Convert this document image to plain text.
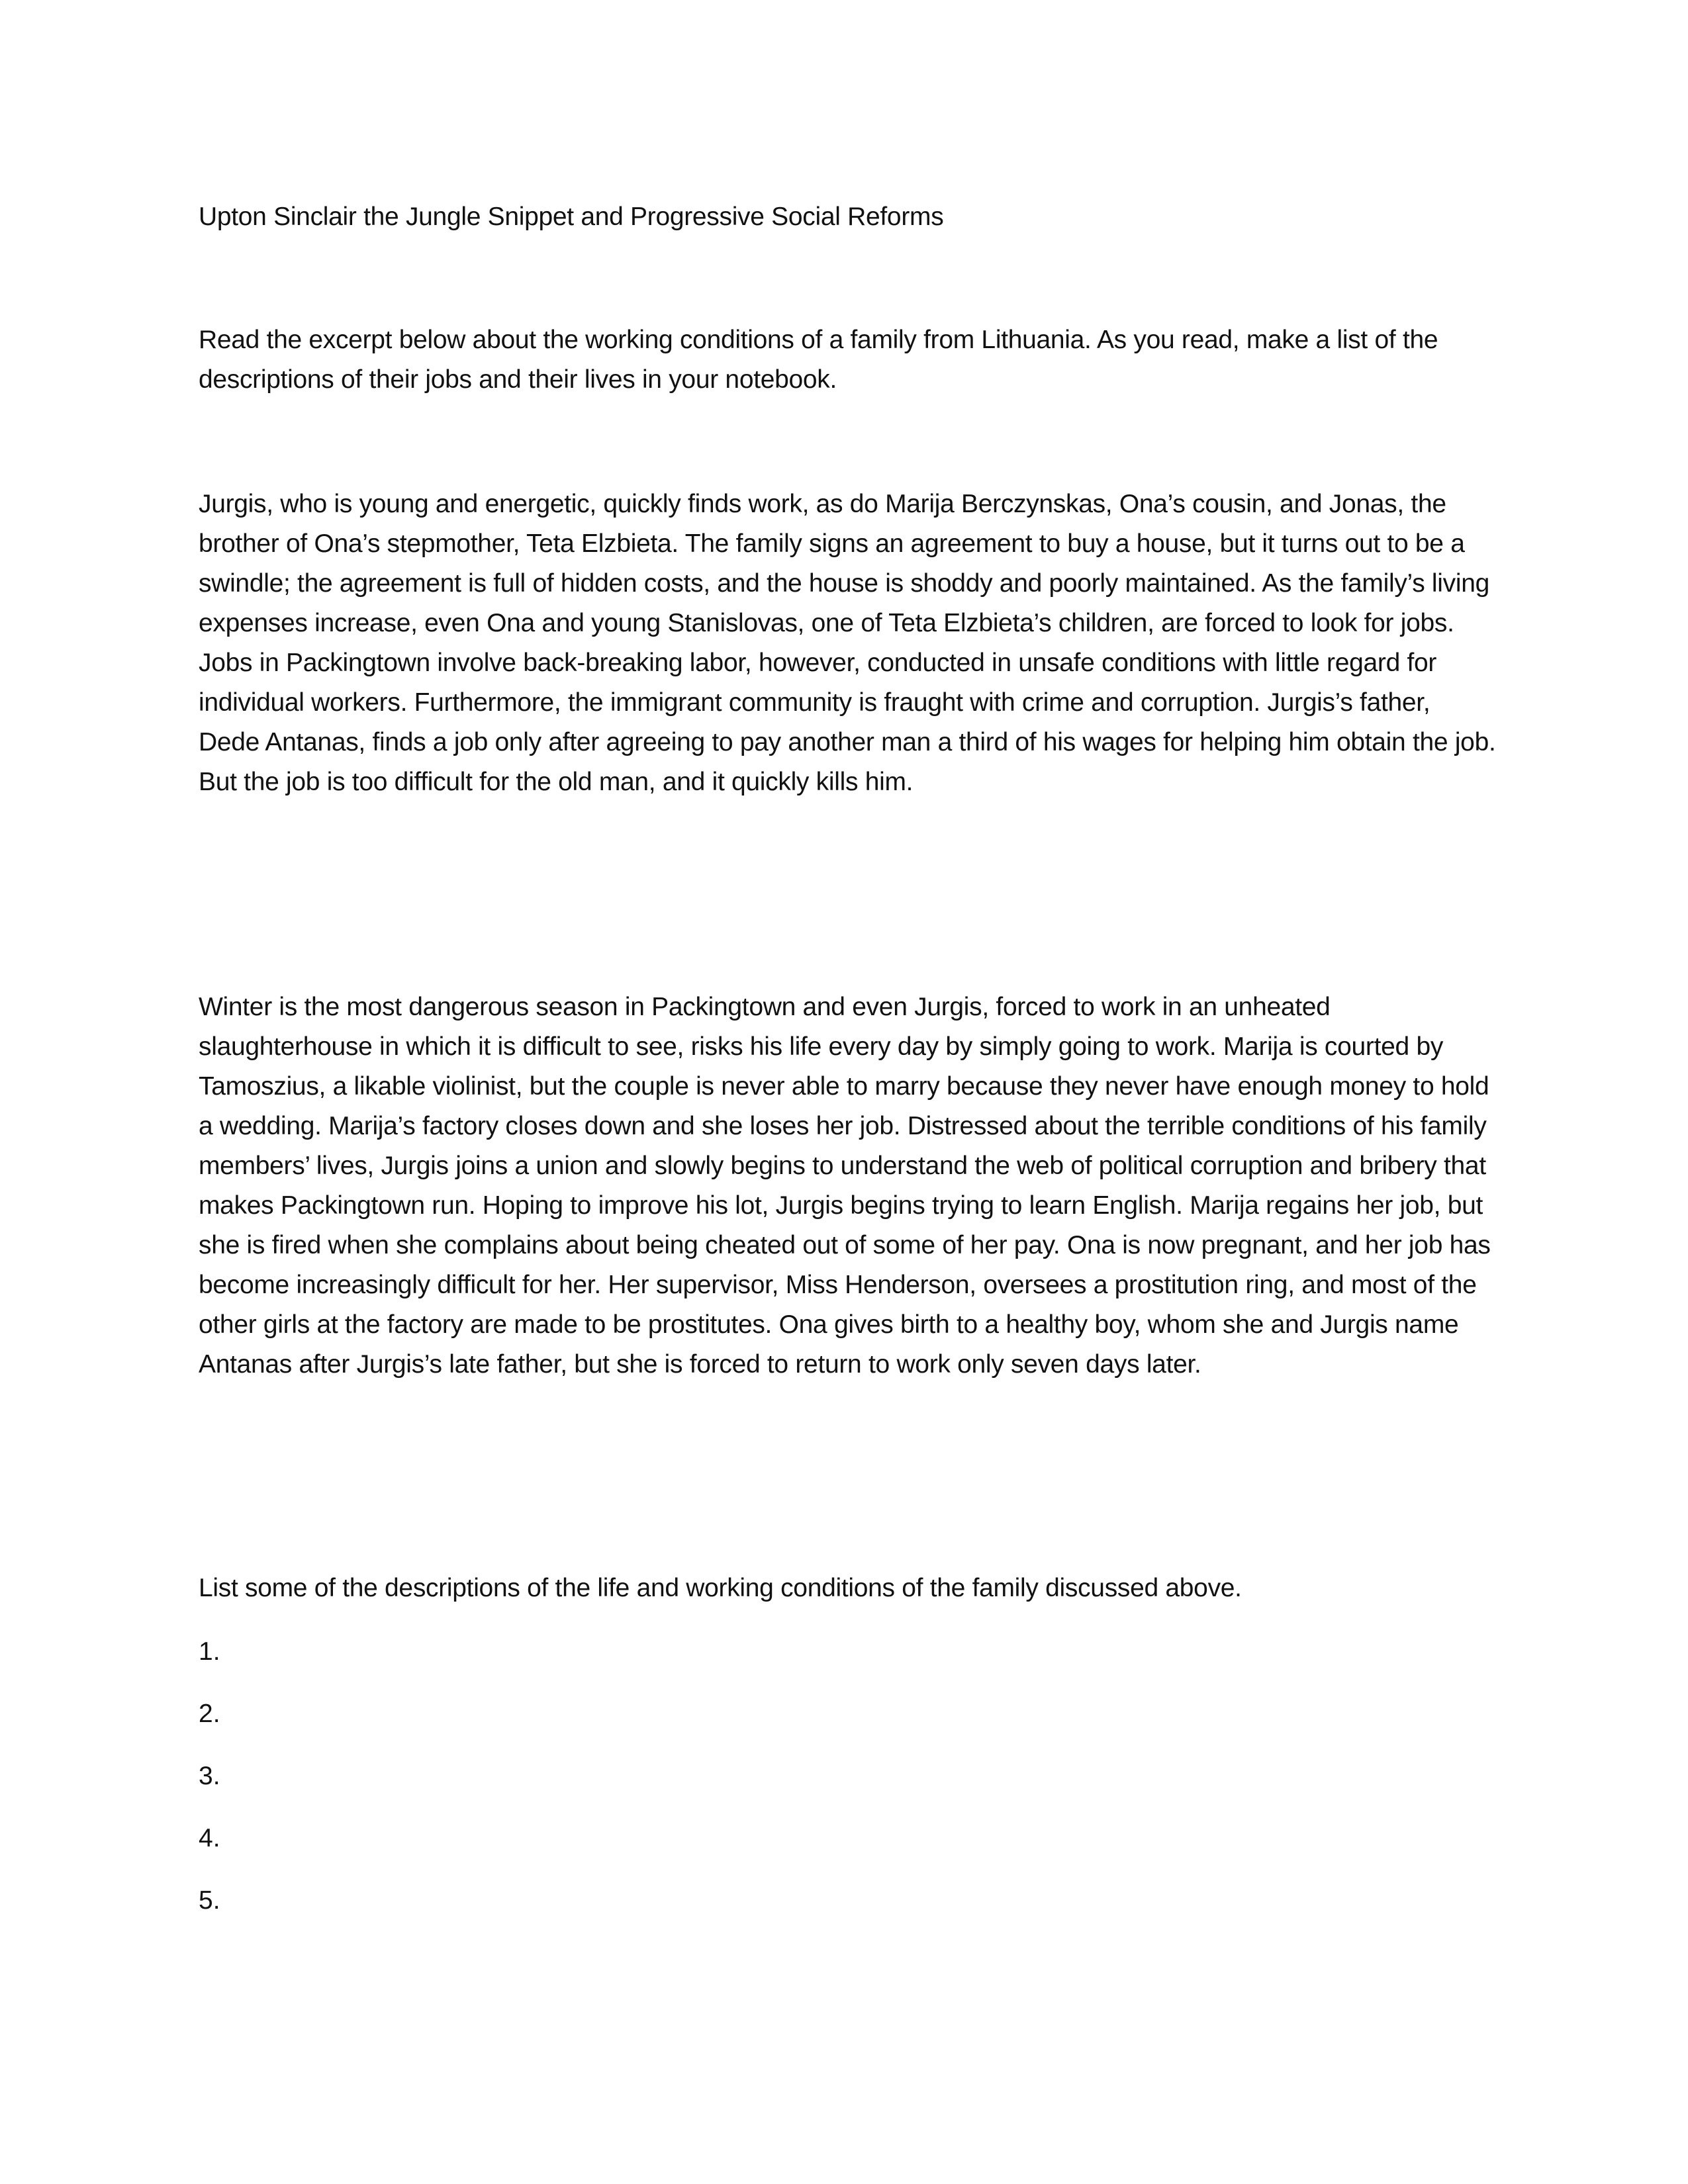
Upton Sinclair the Jungle Snippet and Progressive Social Reforms

Read the excerpt below about the working conditions of a family from Lithuania. As you read, make a list of the descriptions of their jobs and their lives in your notebook.

Jurgis, who is young and energetic, quickly finds work, as do Marija Berczynskas, Ona’s cousin, and Jonas, the brother of Ona’s stepmother, Teta Elzbieta. The family signs an agreement to buy a house, but it turns out to be a swindle; the agreement is full of hidden costs, and the house is shoddy and poorly maintained. As the family’s living expenses increase, even Ona and young Stanislovas, one of Teta Elzbieta’s children, are forced to look for jobs. Jobs in Packingtown involve back-breaking labor, however, conducted in unsafe conditions with little regard for individual workers. Furthermore, the immigrant community is fraught with crime and corruption. Jurgis’s father, Dede Antanas, finds a job only after agreeing to pay another man a third of his wages for helping him obtain the job. But the job is too difficult for the old man, and it quickly kills him.

Winter is the most dangerous season in Packingtown and even Jurgis, forced to work in an unheated slaughterhouse in which it is difficult to see, risks his life every day by simply going to work. Marija is courted by Tamoszius, a likable violinist, but the couple is never able to marry because they never have enough money to hold a wedding. Marija’s factory closes down and she loses her job. Distressed about the terrible conditions of his family members’ lives, Jurgis joins a union and slowly begins to understand the web of political corruption and bribery that makes Packingtown run. Hoping to improve his lot, Jurgis begins trying to learn English. Marija regains her job, but she is fired when she complains about being cheated out of some of her pay. Ona is now pregnant, and her job has become increasingly difficult for her. Her supervisor, Miss Henderson, oversees a prostitution ring, and most of the other girls at the factory are made to be prostitutes. Ona gives birth to a healthy boy, whom she and Jurgis name Antanas after Jurgis’s late father, but she is forced to return to work only seven days later.

List some of the descriptions of the life and working conditions of the family discussed above.

1.
2.
3.
4.
5.
